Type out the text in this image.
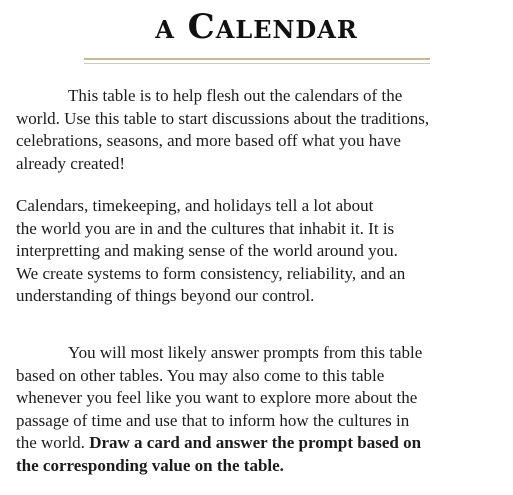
a Calendar

This table is to help flesh out the calendars of the
world. Use this table to start discussions about the traditions,
celebrations, seasons, and more based off what you have
already created!

Calendars, timekeeping, and holidays tell a lot about
the world you are in and the cultures that inhabit it. It is
interpretting and making sense of the world around you.
We create systems to form consistency, reliability, and an
understanding of things beyond our control.

You will most likely answer prompts from this table
based on other tables. You may also come to this table
whenever you feel like you want to explore more about the
passage of time and use that to inform how the cultures in
the world. Draw a card and answer the prompt based on
the corresponding value on the table.
